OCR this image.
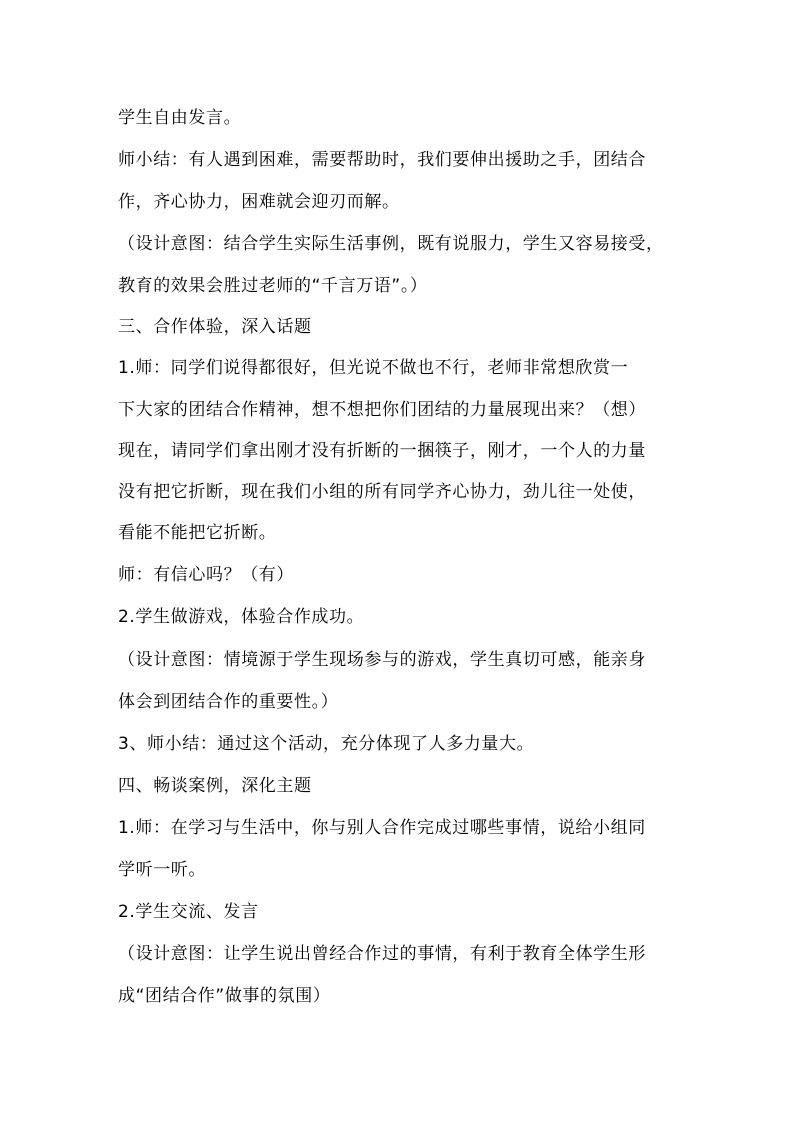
学生自由发言。
师小结：有人遇到困难，需要帮助时，我们要伸出援助之手，团结合
作，齐心协力，困难就会迎刃而解。
（设计意图：结合学生实际生活事例，既有说服力，学生又容易接受，
教育的效果会胜过老师的“千言万语”。）
三、合作体验，深入话题
1.师：同学们说得都很好，但光说不做也不行，老师非常想欣赏一
下大家的团结合作精神，想不想把你们团结的力量展现出来？（想）
现在，请同学们拿出刚才没有折断的一捆筷子，刚才，一个人的力量
没有把它折断，现在我们小组的所有同学齐心协力，劲儿往一处使，
看能不能把它折断。
师：有信心吗？（有）
2.学生做游戏，体验合作成功。
（设计意图：情境源于学生现场参与的游戏，学生真切可感，能亲身
体会到团结合作的重要性。）
3、师小结：通过这个活动，充分体现了人多力量大。
四、畅谈案例，深化主题
1.师：在学习与生活中，你与别人合作完成过哪些事情，说给小组同
学听一听。
2.学生交流、发言
（设计意图：让学生说出曾经合作过的事情，有利于教育全体学生形
成“团结合作”做事的氛围）
